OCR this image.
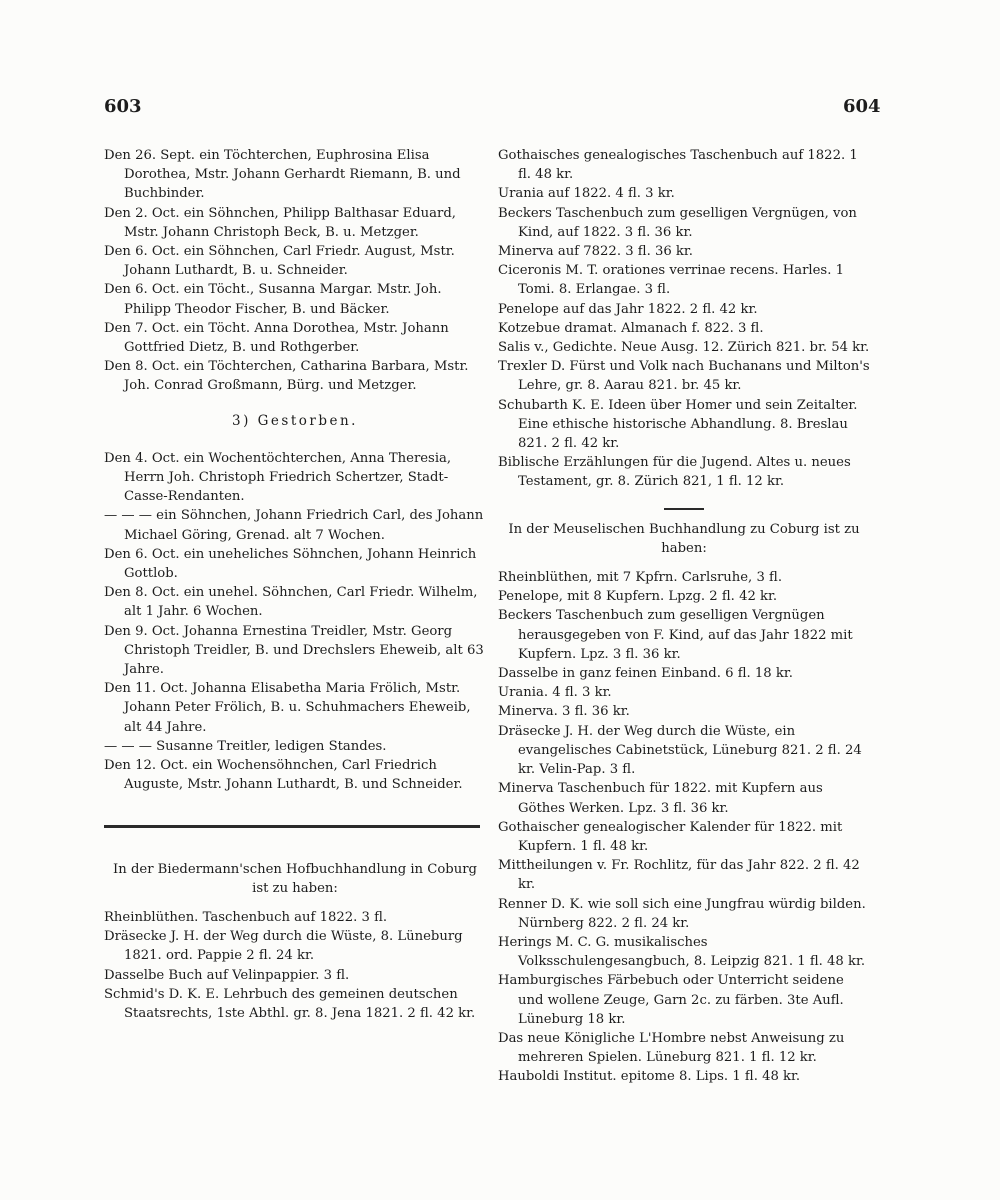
603	604

Den 26. Sept. ein Töchterchen, Euphrosina Elisa Dorothea, Mstr. Johann Gerhardt Riemann, B. und Buchbinder.

Den 2. Oct. ein Söhnchen, Philipp Balthasar Eduard, Mstr. Johann Christoph Beck, B. u. Metzger.

Den 6. Oct. ein Söhnchen, Carl Friedr. August, Mstr. Johann Luthardt, B. u. Schneider.

Den 6. Oct. ein Töcht., Susanna Margar. Mstr. Joh. Philipp Theodor Fischer, B. und Bäcker.

Den 7. Oct. ein Töcht. Anna Dorothea, Mstr. Johann Gottfried Dietz, B. und Rothgerber.

Den 8. Oct. ein Töchterchen, Catharina Barbara, Mstr. Joh. Conrad Großmann, Bürg. und Metzger.

3) Gestorben.

Den 4. Oct. ein Wochentöchterchen, Anna Theresia, Herrn Joh. Christoph Friedrich Schertzer, Stadt-Casse-Rendanten.

— — — ein Söhnchen, Johann Friedrich Carl, des Johann Michael Göring, Grenad. alt 7 Wochen.

Den 6. Oct. ein uneheliches Söhnchen, Johann Heinrich Gottlob.

Den 8. Oct. ein unehel. Söhnchen, Carl Friedr. Wilhelm, alt 1 Jahr. 6 Wochen.

Den 9. Oct. Johanna Ernestina Treidler, Mstr. Georg Christoph Treidler, B. und Drechslers Eheweib, alt 63 Jahre.

Den 11. Oct. Johanna Elisabetha Maria Frölich, Mstr. Johann Peter Frölich, B. u. Schuhmachers Eheweib, alt 44 Jahre.

— — — Susanne Treitler, ledigen Standes.

Den 12. Oct. ein Wochensöhnchen, Carl Friedrich Auguste, Mstr. Johann Luthardt, B. und Schneider.

In der Biedermann'schen Hofbuchhandlung in Coburg ist zu haben:

Rheinblüthen. Taschenbuch auf 1822. 3 fl.

Dräsecke J. H. der Weg durch die Wüste, 8. Lüneburg 1821. ord. Pappie 2 fl. 24 kr.

Dasselbe Buch auf Velinpappier. 3 fl.

Schmid's D. K. E. Lehrbuch des gemeinen deutschen Staatsrechts, 1ste Abthl. gr. 8. Jena 1821. 2 fl. 42 kr.

Gothaisches genealogisches Taschenbuch auf 1822. 1 fl. 48 kr.

Urania auf 1822. 4 fl. 3 kr.

Beckers Taschenbuch zum geselligen Vergnügen, von Kind, auf 1822. 3 fl. 36 kr.

Minerva auf 7822. 3 fl. 36 kr.

Ciceronis M. T. orationes verrinae recens. Harles. 1 Tomi. 8. Erlangae. 3 fl.

Penelope auf das Jahr 1822. 2 fl. 42 kr.

Kotzebue dramat. Almanach f. 822. 3 fl.

Salis v., Gedichte. Neue Ausg. 12. Zürich 821. br. 54 kr.

Trexler D. Fürst und Volk nach Buchanans und Milton's Lehre, gr. 8. Aarau 821. br. 45 kr.

Schubarth K. E. Ideen über Homer und sein Zeitalter. Eine ethische historische Abhandlung. 8. Breslau 821. 2 fl. 42 kr.

Biblische Erzählungen für die Jugend. Altes u. neues Testament, gr. 8. Zürich 821, 1 fl. 12 kr.

In der Meuselischen Buchhandlung zu Coburg ist zu haben:

Rheinblüthen, mit 7 Kpfrn. Carlsruhe, 3 fl.

Penelope, mit 8 Kupfern. Lpzg. 2 fl. 42 kr.

Beckers Taschenbuch zum geselligen Vergnügen herausgegeben von F. Kind, auf das Jahr 1822 mit Kupfern. Lpz. 3 fl. 36 kr.

Dasselbe in ganz feinen Einband. 6 fl. 18 kr.

Urania. 4 fl. 3 kr.

Minerva. 3 fl. 36 kr.

Dräsecke J. H. der Weg durch die Wüste, ein evangelisches Cabinetstück, Lüneburg 821. 2 fl. 24 kr. Velin-Pap. 3 fl.

Minerva Taschenbuch für 1822. mit Kupfern aus Göthes Werken. Lpz. 3 fl. 36 kr.

Gothaischer genealogischer Kalender für 1822. mit Kupfern. 1 fl. 48 kr.

Mittheilungen v. Fr. Rochlitz, für das Jahr 822. 2 fl. 42 kr.

Renner D. K. wie soll sich eine Jungfrau würdig bilden. Nürnberg 822. 2 fl. 24 kr.

Herings M. C. G. musikalisches Volksschulengesangbuch, 8. Leipzig 821. 1 fl. 48 kr.

Hamburgisches Färbebuch oder Unterricht seidene und wollene Zeuge, Garn 2c. zu färben. 3te Aufl. Lüneburg 18 kr.

Das neue Königliche L'Hombre nebst Anweisung zu mehreren Spielen. Lüneburg 821. 1 fl. 12 kr.

Hauboldi Institut. epitome 8. Lips. 1 fl. 48 kr.
